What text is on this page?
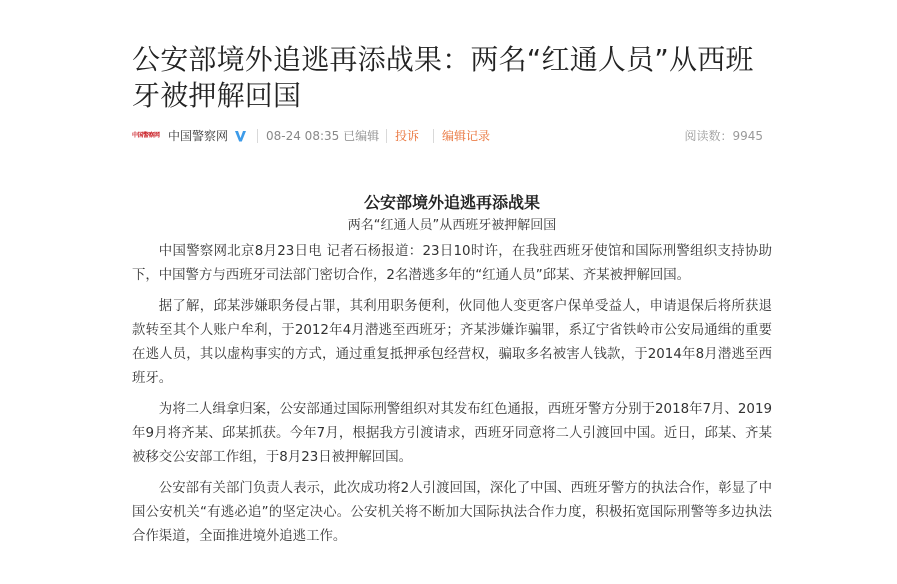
公安部境外追逃再添战果：两名“红通人员”从西班牙被押解回国
中国警察网 中国警察网	08-24 08:35 已编辑 投诉 编辑记录	阅读数：9945
公安部境外追逃再添战果
两名“红通人员”从西班牙被押解回国

中国警察网北京8月23日电 记者石杨报道：23日10时许，在我驻西班牙使馆和国际刑警组织支持协助下，中国警方与西班牙司法部门密切合作，2名潜逃多年的“红通人员”邱某、齐某被押解回国。

据了解，邱某涉嫌职务侵占罪，其利用职务便利，伙同他人变更客户保单受益人，申请退保后将所获退款转至其个人账户牟利，于2012年4月潜逃至西班牙；齐某涉嫌诈骗罪，系辽宁省铁岭市公安局通缉的重要在逃人员，其以虚构事实的方式，通过重复抵押承包经营权，骗取多名被害人钱款，于2014年8月潜逃至西班牙。

为将二人缉拿归案，公安部通过国际刑警组织对其发布红色通报，西班牙警方分别于2018年7月、2019年9月将齐某、邱某抓获。今年7月，根据我方引渡请求，西班牙同意将二人引渡回中国。近日，邱某、齐某被移交公安部工作组，于8月23日被押解回国。

公安部有关部门负责人表示，此次成功将2人引渡回国，深化了中国、西班牙警方的执法合作，彰显了中国公安机关“有逃必追”的坚定决心。公安机关将不断加大国际执法合作力度，积极拓宽国际刑警等多边执法合作渠道，全面推进境外追逃工作。
